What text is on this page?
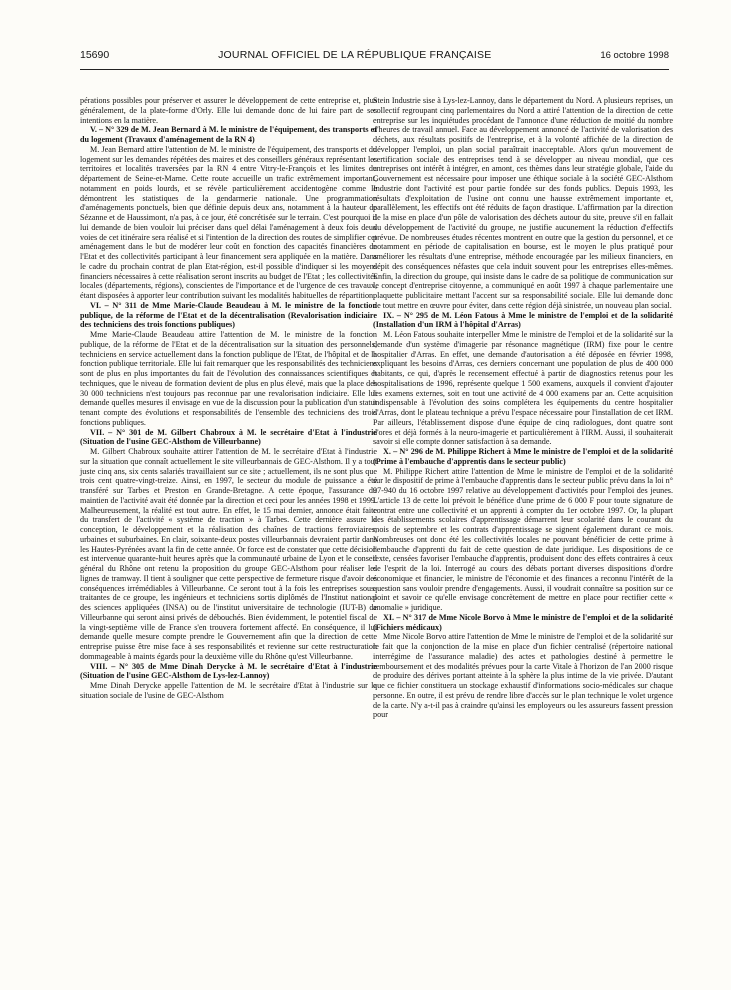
15690	JOURNAL OFFICIEL DE LA RÉPUBLIQUE FRANÇAISE	16 octobre 1998

pérations possibles pour préserver et assurer le développement de cette entreprise et, plus généralement, de la plate-forme d'Orly. Elle lui demande donc de lui faire part de ses intentions en la matière.

V. – N° 329 de M. Jean Bernard à M. le ministre de l'équipement, des transports et du logement (Travaux d'aménagement de la RN 4)

M. Jean Bernard attire l'attention de M. le ministre de l'équipement, des transports et du logement sur les demandes répétées des maires et des conseillers généraux représentant les territoires et localités traversées par la RN 4 entre Vitry-le-François et les limites du département de Seine-et-Marne. Cette route accueille un trafic extrêmement important, notamment en poids lourds, et se révèle particulièrement accidentogène comme le démontrent les statistiques de la gendarmerie nationale. Une programmation d'aménagements ponctuels, bien que définie depuis deux ans, notamment à la hauteur de Sézanne et de Haussimont, n'a pas, à ce jour, été concrétisée sur le terrain. C'est pourquoi il lui demande de bien vouloir lui préciser dans quel délai l'aménagement à deux fois deux voies de cet itinéraire sera réalisé et si l'intention de la direction des routes de simplifier cet aménagement dans le but de modérer leur coût en fonction des capacités financières de l'Etat et des collectivités participant à leur financement sera appliquée en la matière. Dans le cadre du prochain contrat de plan Etat-région, est-il possible d'indiquer si les moyens financiers nécessaires à cette réalisation seront inscrits au budget de l'Etat ; les collectivités locales (départements, régions), conscientes de l'importance et de l'urgence de ces travaux, étant disposées à apporter leur contribution suivant les modalités habituelles de répartition.

VI. – N° 311 de Mme Marie-Claude Beaudeau à M. le ministre de la fonction publique, de la réforme de l'Etat et de la décentralisation (Revalorisation indiciaire des techniciens des trois fonctions publiques)

Mme Marie-Claude Beaudeau attire l'attention de M. le ministre de la fonction publique, de la réforme de l'Etat et de la décentralisation sur la situation des personnels, techniciens en service actuellement dans la fonction publique de l'Etat, de l'hôpital et de la fonction publique territoriale. Elle lui fait remarquer que les responsabilités des techniciens sont de plus en plus importantes du fait de l'évolution des connaissances scientifiques et techniques, que le niveau de formation devient de plus en plus élevé, mais que la place des 30 000 techniciens n'est toujours pas reconnue par une revalorisation indiciaire. Elle lui demande quelles mesures il envisage en vue de la discussion pour la publication d'un statut tenant compte des évolutions et responsabilités de l'ensemble des techniciens des trois fonctions publiques.

VII. – N° 301 de M. Gilbert Chabroux à M. le secrétaire d'Etat à l'industrie (Situation de l'usine GEC-Alsthom de Villeurbanne)

M. Gilbert Chabroux souhaite attirer l'attention de M. le secrétaire d'Etat à l'industrie sur la situation que connaît actuellement le site villeurbannais de GEC-Alsthom. Il y a tout juste cinq ans, six cents salariés travaillaient sur ce site ; actuellement, ils ne sont plus que trois cent quatre-vingt-treize. Ainsi, en 1997, le secteur du module de puissance a été transféré sur Tarbes et Preston en Grande-Bretagne. A cette époque, l'assurance du maintien de l'activité avait été donnée par la direction et ceci pour les années 1998 et 1999. Malheureusement, la réalité est tout autre. En effet, le 15 mai dernier, annonce était faite du transfert de l'activité « système de traction » à Tarbes. Cette dernière assure la conception, le développement et la réalisation des chaînes de tractions ferroviaires, urbaines et suburbaines. En clair, soixante-deux postes villeurbannais devraient partir dans les Hautes-Pyrénées avant la fin de cette année. Or force est de constater que cette décision est intervenue quarante-huit heures après que la communauté urbaine de Lyon et le conseil général du Rhône ont retenu la proposition du groupe GEC-Alsthom pour réaliser les lignes de tramway. Il tient à souligner que cette perspective de fermeture risque d'avoir des conséquences irrémédiables à Villeurbanne. Ce seront tout à la fois les entreprises sous-traitantes de ce groupe, les ingénieurs et techniciens sortis diplômés de l'Institut national des sciences appliquées (INSA) ou de l'institut universitaire de technologie (IUT-B) de Villeurbanne qui seront ainsi privés de débouchés. Bien évidemment, le potentiel fiscal de la vingt-septième ville de France s'en trouvera fortement affecté. En conséquence, il lui demande quelle mesure compte prendre le Gouvernement afin que la direction de cette entreprise puisse être mise face à ses responsabilités et revienne sur cette restructuration dommageable à maints égards pour la deuxième ville du Rhône qu'est Villeurbanne.

VIII. – N° 305 de Mme Dinah Derycke à M. le secrétaire d'Etat à l'industrie (Situation de l'usine GEC-Alsthom de Lys-lez-Lannoy)

Mme Dinah Derycke appelle l'attention de M. le secrétaire d'Etat à l'industrie sur la situation sociale de l'usine de GEC-Alsthom

Stein Industrie sise à Lys-lez-Lannoy, dans le département du Nord. A plusieurs reprises, un collectif regroupant cinq parlementaires du Nord a attiré l'attention de la direction de cette entreprise sur les inquiétudes procédant de l'annonce d'une réduction de moitié du nombre d'heures de travail annuel. Face au développement annoncé de l'activité de valorisation des déchets, aux résultats positifs de l'entreprise, et à la volonté affichée de la direction de développer l'emploi, un plan social paraîtrait inacceptable. Alors qu'un mouvement de certification sociale des entreprises tend à se développer au niveau mondial, que ces entreprises ont intérêt à intégrer, en amont, ces thèmes dans leur stratégie globale, l'aide du Gouvernement est nécessaire pour imposer une éthique sociale à la société GEC-Alsthom Industrie dont l'activité est pour partie fondée sur des fonds publics. Depuis 1993, les résultats d'exploitation de l'usine ont connu une hausse extrêmement importante et, parallèlement, les effectifs ont été réduits de façon drastique. L'affirmation par la direction de la mise en place d'un pôle de valorisation des déchets autour du site, preuve s'il en fallait du développement de l'activité du groupe, ne justifie aucunement la réduction d'effectifs prévue. De nombreuses études récentes montrent en outre que la gestion du personnel, et ce notamment en période de capitalisation en bourse, est le moyen le plus pratiqué pour améliorer les résultats d'une entreprise, méthode encouragée par les milieux financiers, en dépit des conséquences néfastes que cela induit souvent pour les entreprises elles-mêmes. Enfin, la direction du groupe, qui insiste dans le cadre de sa politique de communication sur le concept d'entreprise citoyenne, a communiqué en août 1997 à chaque parlementaire une plaquette publicitaire mettant l'accent sur sa responsabilité sociale. Elle lui demande donc de tout mettre en œuvre pour éviter, dans cette région déjà sinistrée, un nouveau plan social.

IX. – N° 295 de M. Léon Fatous à Mme le ministre de l'emploi et de la solidarité (Installation d'un IRM à l'hôpital d'Arras)

M. Léon Fatous souhaite interpeller Mme le ministre de l'emploi et de la solidarité sur la demande d'un système d'imagerie par résonance magnétique (IRM) fixe pour le centre hospitalier d'Arras. En effet, une demande d'autorisation a été déposée en février 1998, expliquant les besoins d'Arras, ces derniers concernant une population de plus de 400 000 habitants, ce qui, d'après le recensement effectué à partir de diagnostics retenus pour les hospitalisations de 1996, représente quelque 1 500 examens, auxquels il convient d'ajouter les examens externes, soit en tout une activité de 4 000 examens par an. Cette acquisition indispensable à l'évolution des soins complétera les équipements du centre hospitalier d'Arras, dont le plateau technique a prévu l'espace nécessaire pour l'installation de cet IRM. Par ailleurs, l'établissement dispose d'une équipe de cinq radiologues, dont quatre sont d'ores et déjà formés à la neuro-imagerie et particulièrement à l'IRM. Aussi, il souhaiterait savoir si elle compte donner satisfaction à sa demande.

X. – N° 296 de M. Philippe Richert à Mme le ministre de l'emploi et de la solidarité (Prime à l'embauche d'apprentis dans le secteur public)

M. Philippe Richert attire l'attention de Mme le ministre de l'emploi et de la solidarité sur le dispositif de prime à l'embauche d'apprentis dans le secteur public prévu dans la loi n° 97-940 du 16 octobre 1997 relative au développement d'activités pour l'emploi des jeunes. L'article 13 de cette loi prévoit le bénéfice d'une prime de 6 000 F pour toute signature de contrat entre une collectivité et un apprenti à compter du 1er octobre 1997. Or, la plupart des établissements scolaires d'apprentissage démarrent leur scolarité dans le courant du mois de septembre et les contrats d'apprentissage se signent également durant ce mois. Nombreuses ont donc été les collectivités locales ne pouvant bénéficier de cette prime à l'embauche d'apprenti du fait de cette question de date juridique. Les dispositions de ce texte, censées favoriser l'embauche d'apprentis, produisent donc des effets contraires à ceux de l'esprit de la loi. Interrogé au cours des débats portant diverses dispositions d'ordre économique et financier, le ministre de l'économie et des finances a reconnu l'intérêt de la question sans vouloir prendre d'engagements. Aussi, il voudrait connaître sa position sur ce point et savoir ce qu'elle envisage concrètement de mettre en place pour rectifier cette « anomalie » juridique.

XI. – N° 317 de Mme Nicole Borvo à Mme le ministre de l'emploi et de la solidarité (Fichiers médicaux)

Mme Nicole Borvo attire l'attention de Mme le ministre de l'emploi et de la solidarité sur le fait que la conjonction de la mise en place d'un fichier centralisé (répertoire national interrégime de l'assurance maladie) des actes et pathologies destiné à permettre le remboursement et des modalités prévues pour la carte Vitale à l'horizon de l'an 2000 risque de produire des dérives portant atteinte à la sphère la plus intime de la vie privée. D'autant que ce fichier constituera un stockage exhaustif d'informations socio-médicales sur chaque personne. En outre, il est prévu de rendre libre d'accès sur le plan technique le volet urgence de la carte. N'y a-t-il pas à craindre qu'ainsi les employeurs ou les assureurs fassent pression pour
